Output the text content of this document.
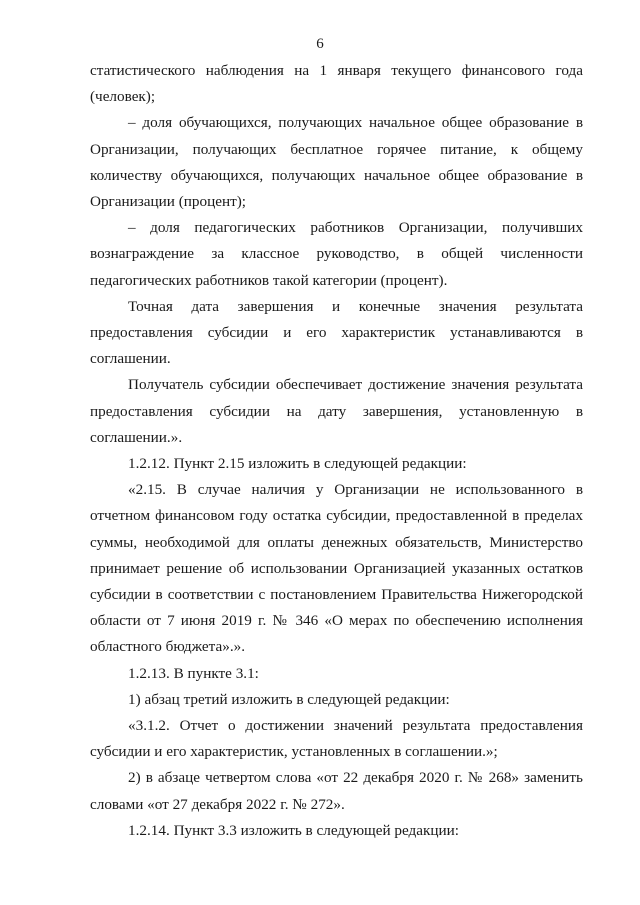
6

статистического наблюдения на 1 января текущего финансового года (человек);

– доля обучающихся, получающих начальное общее образование в Организации, получающих бесплатное горячее питание, к общему количеству обучающихся, получающих начальное общее образование в Организации (процент);

– доля педагогических работников Организации, получивших вознаграждение за классное руководство, в общей численности педагогических работников такой категории (процент).

Точная дата завершения и конечные значения результата предоставления субсидии и его характеристик устанавливаются в соглашении.

Получатель субсидии обеспечивает достижение значения результата предоставления субсидии на дату завершения, установленную в соглашении.».

1.2.12. Пункт 2.15 изложить в следующей редакции:

«2.15. В случае наличия у Организации не использованного в отчетном финансовом году остатка субсидии, предоставленной в пределах суммы, необходимой для оплаты денежных обязательств, Министерство принимает решение об использовании Организацией указанных остатков субсидии в соответствии с постановлением Правительства Нижегородской области от 7 июня 2019 г. № 346 «О мерах по обеспечению исполнения областного бюджета».».

1.2.13. В пункте 3.1:

1) абзац третий изложить в следующей редакции:

«3.1.2. Отчет о достижении значений результата предоставления субсидии и его характеристик, установленных в соглашении.»;

2) в абзаце четвертом слова «от 22 декабря 2020 г. № 268» заменить словами «от 27 декабря 2022 г. № 272».

1.2.14. Пункт 3.3 изложить в следующей редакции:
